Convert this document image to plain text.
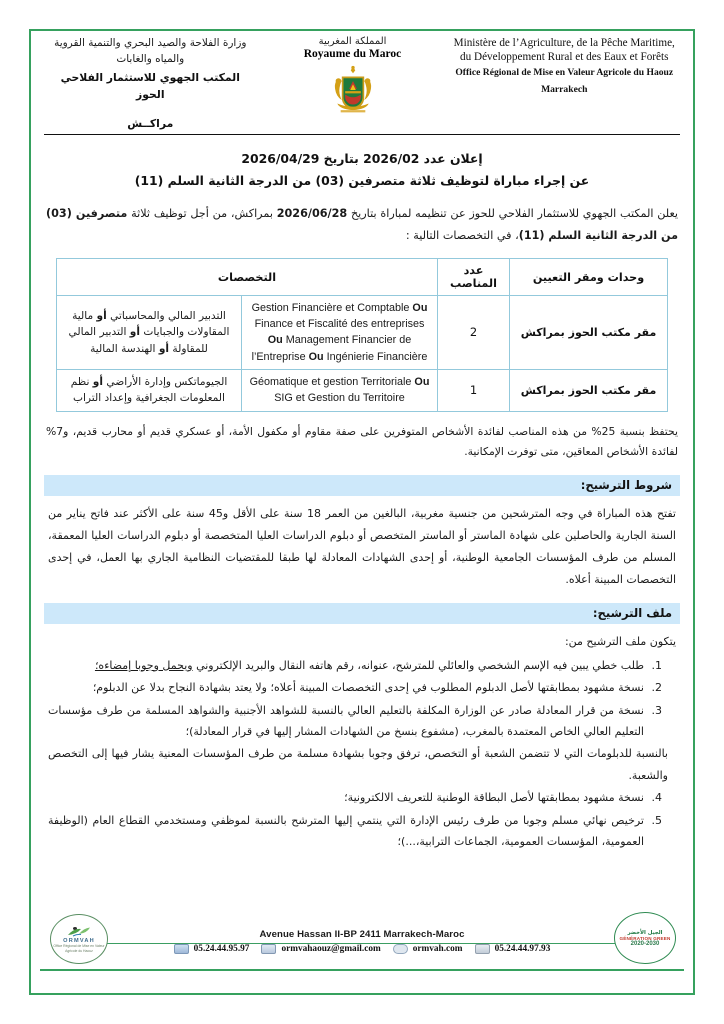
وزارة الفلاحة والصيد البحري والتنمية القروية
والمياه والغابات
المكتب الجهوي للاستثمار الفلاحي الحوز
مراكــش
المملكة المغربية
Royaume du Maroc
Ministère de l’Agriculture, de la Pêche Maritime, du Développement Rural et des Eaux et Forêts
Office Régional de Mise en Valeur Agricole du Haouz
Marrakech
إعلان عدد 2026/02 بتاريخ 2026/04/29
عن إجراء مباراة لتوظيف ثلاثة متصرفين (03) من الدرجة الثانية السلم (11)

يعلن المكتب الجهوي للاستثمار الفلاحي للحوز عن تنظيمه لمباراة بتاريخ 2026/06/28 بمراكش، من أجل توظيف ثلاثة متصرفين (03) من الدرجة الثانية السلم (11)، في التخصصات التالية :

وحدات ومقر التعيين	عدد المناصب	التخصصات	
مقر مكتب الحوز بمراكش	2	Gestion Financière et Comptable Ou Finance et Fiscalité des entreprises Ou Management Financier de l’Entreprise Ou Ingénierie Financière	التدبير المالي والمحاسباتي أو مالية المقاولات والجبايات أو التدبير المالي للمقاولة أو الهندسة المالية
مقر مكتب الحوز بمراكش	1	Géomatique et gestion Territoriale Ou SIG et Gestion du Territoire	الجيوماتكس وإدارة الأراضي أو نظم المعلومات الجغرافية وإعداد التراب

يحتفظ بنسبة 25% من هذه المناصب لفائدة الأشخاص المتوفرين على صفة مقاوم أو مكفول الأمة، أو عسكري قديم أو محارب قديم، و7% لفائدة الأشخاص المعاقين، متى توفرت الإمكانية.

شروط الترشيح:

تفتح هذه المباراة في وجه المترشحين من جنسية مغربية، البالغين من العمر 18 سنة على الأقل و45 سنة على الأكثر عند فاتح يناير من السنة الجارية والحاصلين على شهادة الماستر أو الماستر المتخصص أو دبلوم الدراسات العليا المتخصصة أو دبلوم الدراسات العليا المعمقة، المسلم من طرف المؤسسات الجامعية الوطنية، أو إحدى الشهادات المعادلة لها طبقا للمقتضيات النظامية الجاري بها العمل، في إحدى التخصصات المبينة أعلاه.

ملف الترشيح:
يتكون ملف الترشيح من:
1. طلب خطي يبين فيه الإسم الشخصي والعائلي للمترشح، عنوانه، رقم هاتفه النقال والبريد الإلكتروني ويحمل وجوبا إمضاءه؛
2. نسخة مشهود بمطابقتها لأصل الدبلوم المطلوب في إحدى التخصصات المبينة أعلاه؛ ولا يعتد بشهادة النجاح بدلا عن الدبلوم؛
3. نسخة من قرار المعادلة صادر عن الوزارة المكلفة بالتعليم العالي بالنسبة للشواهد الأجنبية والشواهد المسلمة من طرف مؤسسات التعليم العالي الخاص المعتمدة بالمغرب، (مشفوع بنسخ من الشهادات المشار إليها في قرار المعادلة)؛
بالنسبة للدبلومات التي لا تتضمن الشعبة أو التخصص، ترفق وجوبا بشهادة مسلمة من طرف المؤسسات المعنية يشار فيها إلى التخصص والشعبة.
4. نسخة مشهود بمطابقتها لأصل البطاقة الوطنية للتعريف الالكترونية؛
5. ترخيص نهائي مسلم وجوبا من طرف رئيس الإدارة التي ينتمي إليها المترشح بالنسبة لموظفي ومستخدمي القطاع العام (الوظيفة العمومية، المؤسسات العمومية، الجماعات الترابية،...)؛
ORMVAH
Office Régional de Mise en Valeur Agricole du Haouz
الجيل الأخضر
GÉNÉRATION GREEN
2020-2030
Avenue Hassan II-BP 2411 Marrakech-Maroc
05.24.44.95.97	ormvahaouz@gmail.com	ormvah.com	05.24.44.97.93
